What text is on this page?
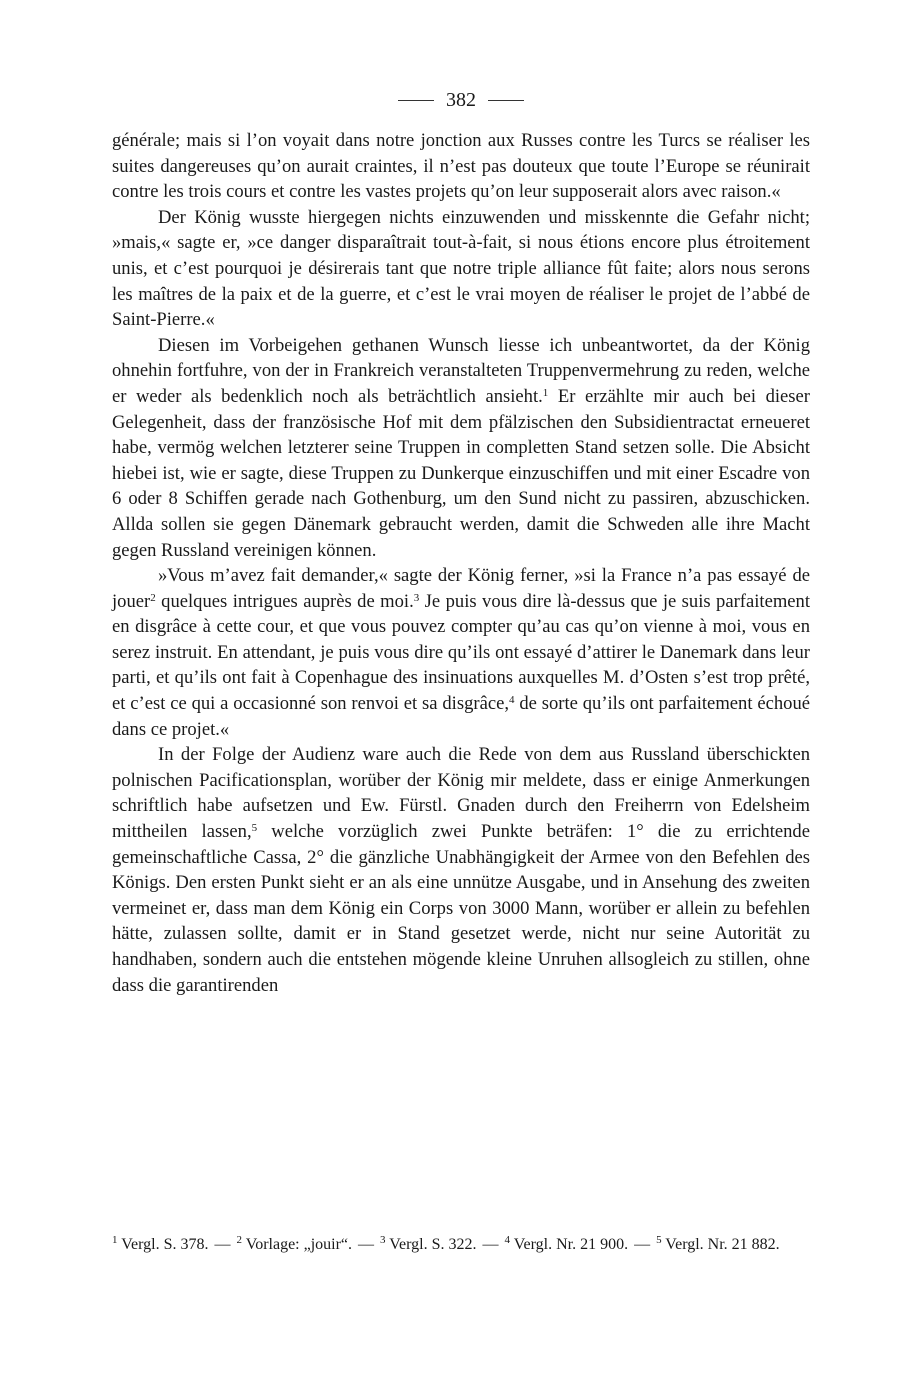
382

générale; mais si l’on voyait dans notre jonction aux Russes contre les Turcs se réaliser les suites dangereuses qu’on aurait craintes, il n’est pas douteux que toute l’Europe se réunirait contre les trois cours et contre les vastes projets qu’on leur supposerait alors avec raison.«

Der König wusste hiergegen nichts einzuwenden und misskennte die Gefahr nicht; »mais,« sagte er, »ce danger disparaîtrait tout-à-fait, si nous étions encore plus étroitement unis, et c’est pourquoi je désirerais tant que notre triple alliance fût faite; alors nous serons les maîtres de la paix et de la guerre, et c’est le vrai moyen de réaliser le projet de l’abbé de Saint-Pierre.«

Diesen im Vorbeigehen gethanen Wunsch liesse ich unbeantwortet, da der König ohnehin fortfuhre, von der in Frankreich veranstalteten Truppenvermehrung zu reden, welche er weder als bedenklich noch als beträchtlich ansieht.$^1$ Er erzählte mir auch bei dieser Gelegenheit, dass der französische Hof mit dem pfälzischen den Subsidientractat erneueret habe, vermög welchen letzterer seine Truppen in completten Stand setzen solle. Die Absicht hiebei ist, wie er sagte, diese Truppen zu Dunkerque einzuschiffen und mit einer Escadre von 6 oder 8 Schiffen gerade nach Gothenburg, um den Sund nicht zu passiren, abzuschicken. Allda sollen sie gegen Dänemark gebraucht werden, damit die Schweden alle ihre Macht gegen Russland vereinigen können.

»Vous m’avez fait demander,« sagte der König ferner, »si la France n’a pas essayé de jouer$^2$ quelques intrigues auprès de moi.$^3$ Je puis vous dire là-dessus que je suis parfaitement en disgrâce à cette cour, et que vous pouvez compter qu’au cas qu’on vienne à moi, vous en serez instruit. En attendant, je puis vous dire qu’ils ont essayé d’attirer le Danemark dans leur parti, et qu’ils ont fait à Copenhague des insinuations auxquelles M. d’Osten s’est trop prêté, et c’est ce qui a occasionné son renvoi et sa disgrâce,$^4$ de sorte qu’ils ont parfaitement échoué dans ce projet.«

In der Folge der Audienz ware auch die Rede von dem aus Russland überschickten polnischen Pacificationsplan, worüber der König mir meldete, dass er einige Anmerkungen schriftlich habe aufsetzen und Ew. Fürstl. Gnaden durch den Freiherrn von Edelsheim mittheilen lassen,$^5$ welche vorzüglich zwei Punkte beträfen: 1° die zu errichtende gemeinschaftliche Cassa, 2° die gänzliche Unabhängigkeit der Armee von den Befehlen des Königs. Den ersten Punkt sieht er an als eine unnütze Ausgabe, und in Ansehung des zweiten vermeinet er, dass man dem König ein Corps von 3000 Mann, worüber er allein zu befehlen hätte, zulassen sollte, damit er in Stand gesetzet werde, nicht nur seine Autorität zu handhaben, sondern auch die entstehen mögende kleine Unruhen allsogleich zu stillen, ohne dass die garantirenden

$^1$ Vergl. S. 378. — $^2$ Vorlage: „jouir“. — $^3$ Vergl. S. 322. — $^4$ Vergl. Nr. 21 900. — $^5$ Vergl. Nr. 21 882.
